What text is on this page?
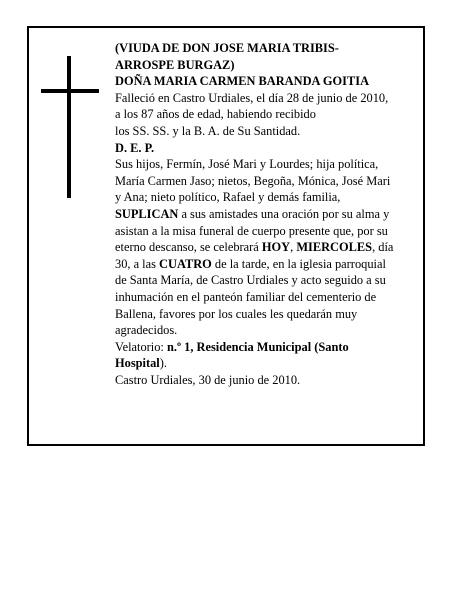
(VIUDA DE DON JOSE MARIA TRIBIS-
ARROSPE BURGAZ)
DOÑA MARIA CARMEN BARANDA GOITIA
Falleció en Castro Urdiales, el día 28 de junio de 2010,
a los 87 años de edad, habiendo recibido
los SS. SS. y la B. A. de Su Santidad.
D. E. P.
Sus hijos, Fermín, José Mari y Lourdes; hija política,
María Carmen Jaso; nietos, Begoña, Mónica, José Mari
y Ana; nieto político, Rafael y demás familia,
SUPLICAN a sus amistades una oración por su alma y
asistan a la misa funeral de cuerpo presente que, por su
eterno descanso, se celebrará HOY, MIERCOLES, día
30, a las CUATRO de la tarde, en la iglesia parroquial
de Santa María, de Castro Urdiales y acto seguido a su
inhumación en el panteón familiar del cementerio de
Ballena, favores por los cuales les quedarán muy
agradecidos.
Velatorio: n.º 1, Residencia Municipal (Santo
Hospital).
Castro Urdiales, 30 de junio de 2010.
